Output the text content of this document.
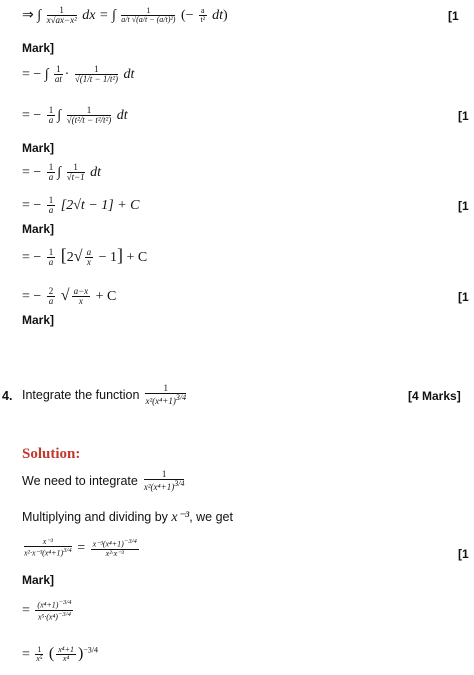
⇒ ∫ $\frac{1}{\text{x√ax−x²}}$ dx = ∫ $\frac{1}{\text{a/t √(a/t − (a/t)²)}}$ (− $\frac{a}{\text{t²}} dt$)	[1
Mark]
= − ∫ $\frac{1}{at} \cdot \frac{1}{\text{√(1/t − 1/t²)}}$ dt
= − $\frac{1}{a}$ ∫ $\frac{1}{\text{√(t²/t − t²/t²)}}$ dt	[1
Mark]
= − $\frac{1}{a}$ ∫ $\frac{1}{√t-1}$ dt
= − $\frac{1}{a} [2√t - 1] + C$	[1
Mark]
= − $\frac{1}{a} [2√ \frac{a}{x} - 1] + C$
= − $\frac{2}{a}$ √ $\frac{a-x}{x} + C$	[1
Mark]
4. Integrate the function $\frac{1}{x^2(x^4+1)^{3/4}}$	[4 Marks]
Solution:
We need to integrate $\frac{1}{x^2(x^4+1)^{3/4}}$
Multiplying and dividing by x⁻³, we get
$\frac{\text{x⁻³}}{x^2\cdot x^{-3}(x^4+1)^{3/4}} = \frac{x^{-3}(x^4+1)^{-3/4}}{\text{x²·x⁻³}}$	[1
Mark]
= $\frac{(x^4+1)^{-3/4}}{x^5\cdot(x^4)^{-3/4}}$
= $\frac{1}{\text{x⁵}}$ ( $\frac{\text{x⁴+1}}{\text{x⁴}} )^{-3/4}$
